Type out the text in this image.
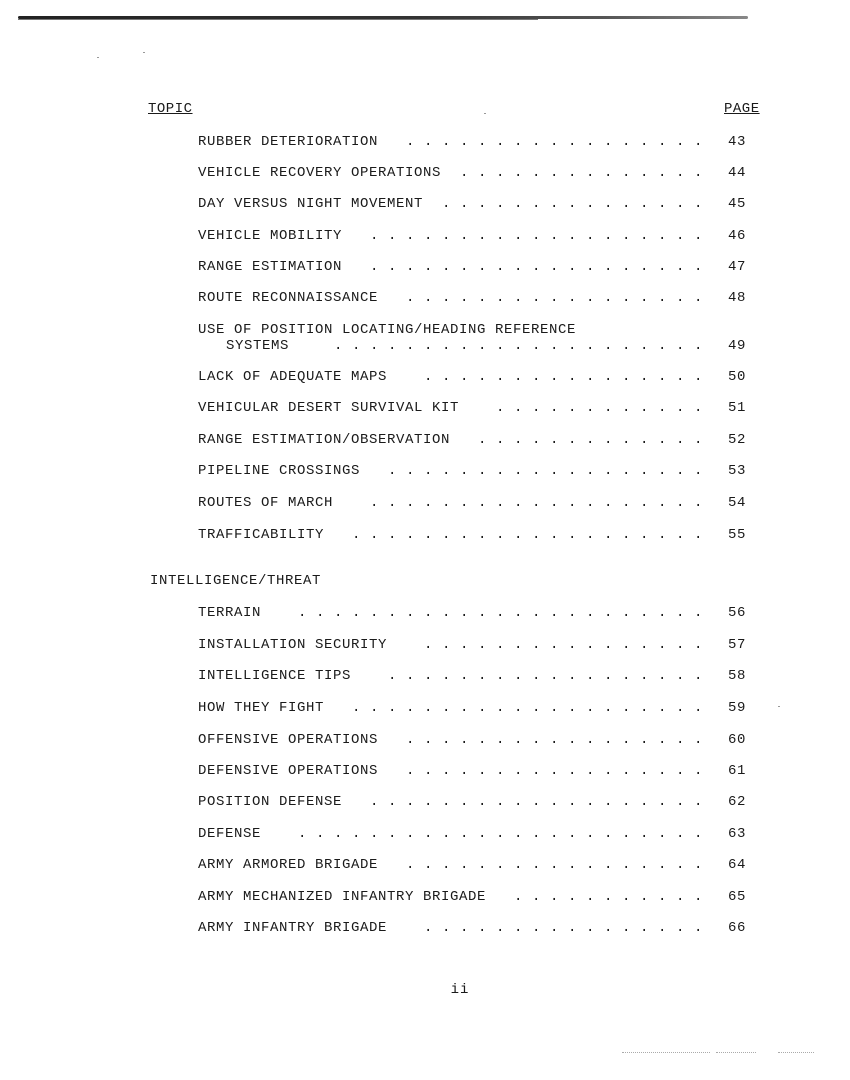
TOPIC	PAGE
RUBBER DETERIORATION	. . . . . . . . . . . . . . . . . 43
VEHICLE RECOVERY OPERATIONS	. . . . . . . . . . . . . . 44
DAY VERSUS NIGHT MOVEMENT	. . . . . . . . . . . . . . . 45
VEHICLE MOBILITY	. . . . . . . . . . . . . . . . . . . 46
RANGE ESTIMATION	. . . . . . . . . . . . . . . . . . . 47
ROUTE RECONNAISSANCE	. . . . . . . . . . . . . . . . . 48
USE OF POSITION LOCATING/HEADING REFERENCE
SYSTEMS	. . . . . . . . . . . . . . . . . . . . . 49
LACK OF ADEQUATE MAPS	. . . . . . . . . . . . . . . . 50
VEHICULAR DESERT SURVIVAL KIT	. . . . . . . . . . . . 51
RANGE ESTIMATION/OBSERVATION	. . . . . . . . . . . . . 52
PIPELINE CROSSINGS	. . . . . . . . . . . . . . . . . . 53
ROUTES OF MARCH	. . . . . . . . . . . . . . . . . . . 54
TRAFFICABILITY	. . . . . . . . . . . . . . . . . . . . 55
INTELLIGENCE/THREAT
TERRAIN	. . . . . . . . . . . . . . . . . . . . . . . 56
INSTALLATION SECURITY	. . . . . . . . . . . . . . . . 57
INTELLIGENCE TIPS	. . . . . . . . . . . . . . . . . . 58
HOW THEY FIGHT	. . . . . . . . . . . . . . . . . . . . 59
OFFENSIVE OPERATIONS	. . . . . . . . . . . . . . . . . 60
DEFENSIVE OPERATIONS	. . . . . . . . . . . . . . . . . 61
POSITION DEFENSE	. . . . . . . . . . . . . . . . . . . 62
DEFENSE	. . . . . . . . . . . . . . . . . . . . . . . 63
ARMY ARMORED BRIGADE	. . . . . . . . . . . . . . . . . 64
ARMY MECHANIZED INFANTRY BRIGADE	. . . . . . . . . . . 65
ARMY INFANTRY BRIGADE	. . . . . . . . . . . . . . . . 66
ii
